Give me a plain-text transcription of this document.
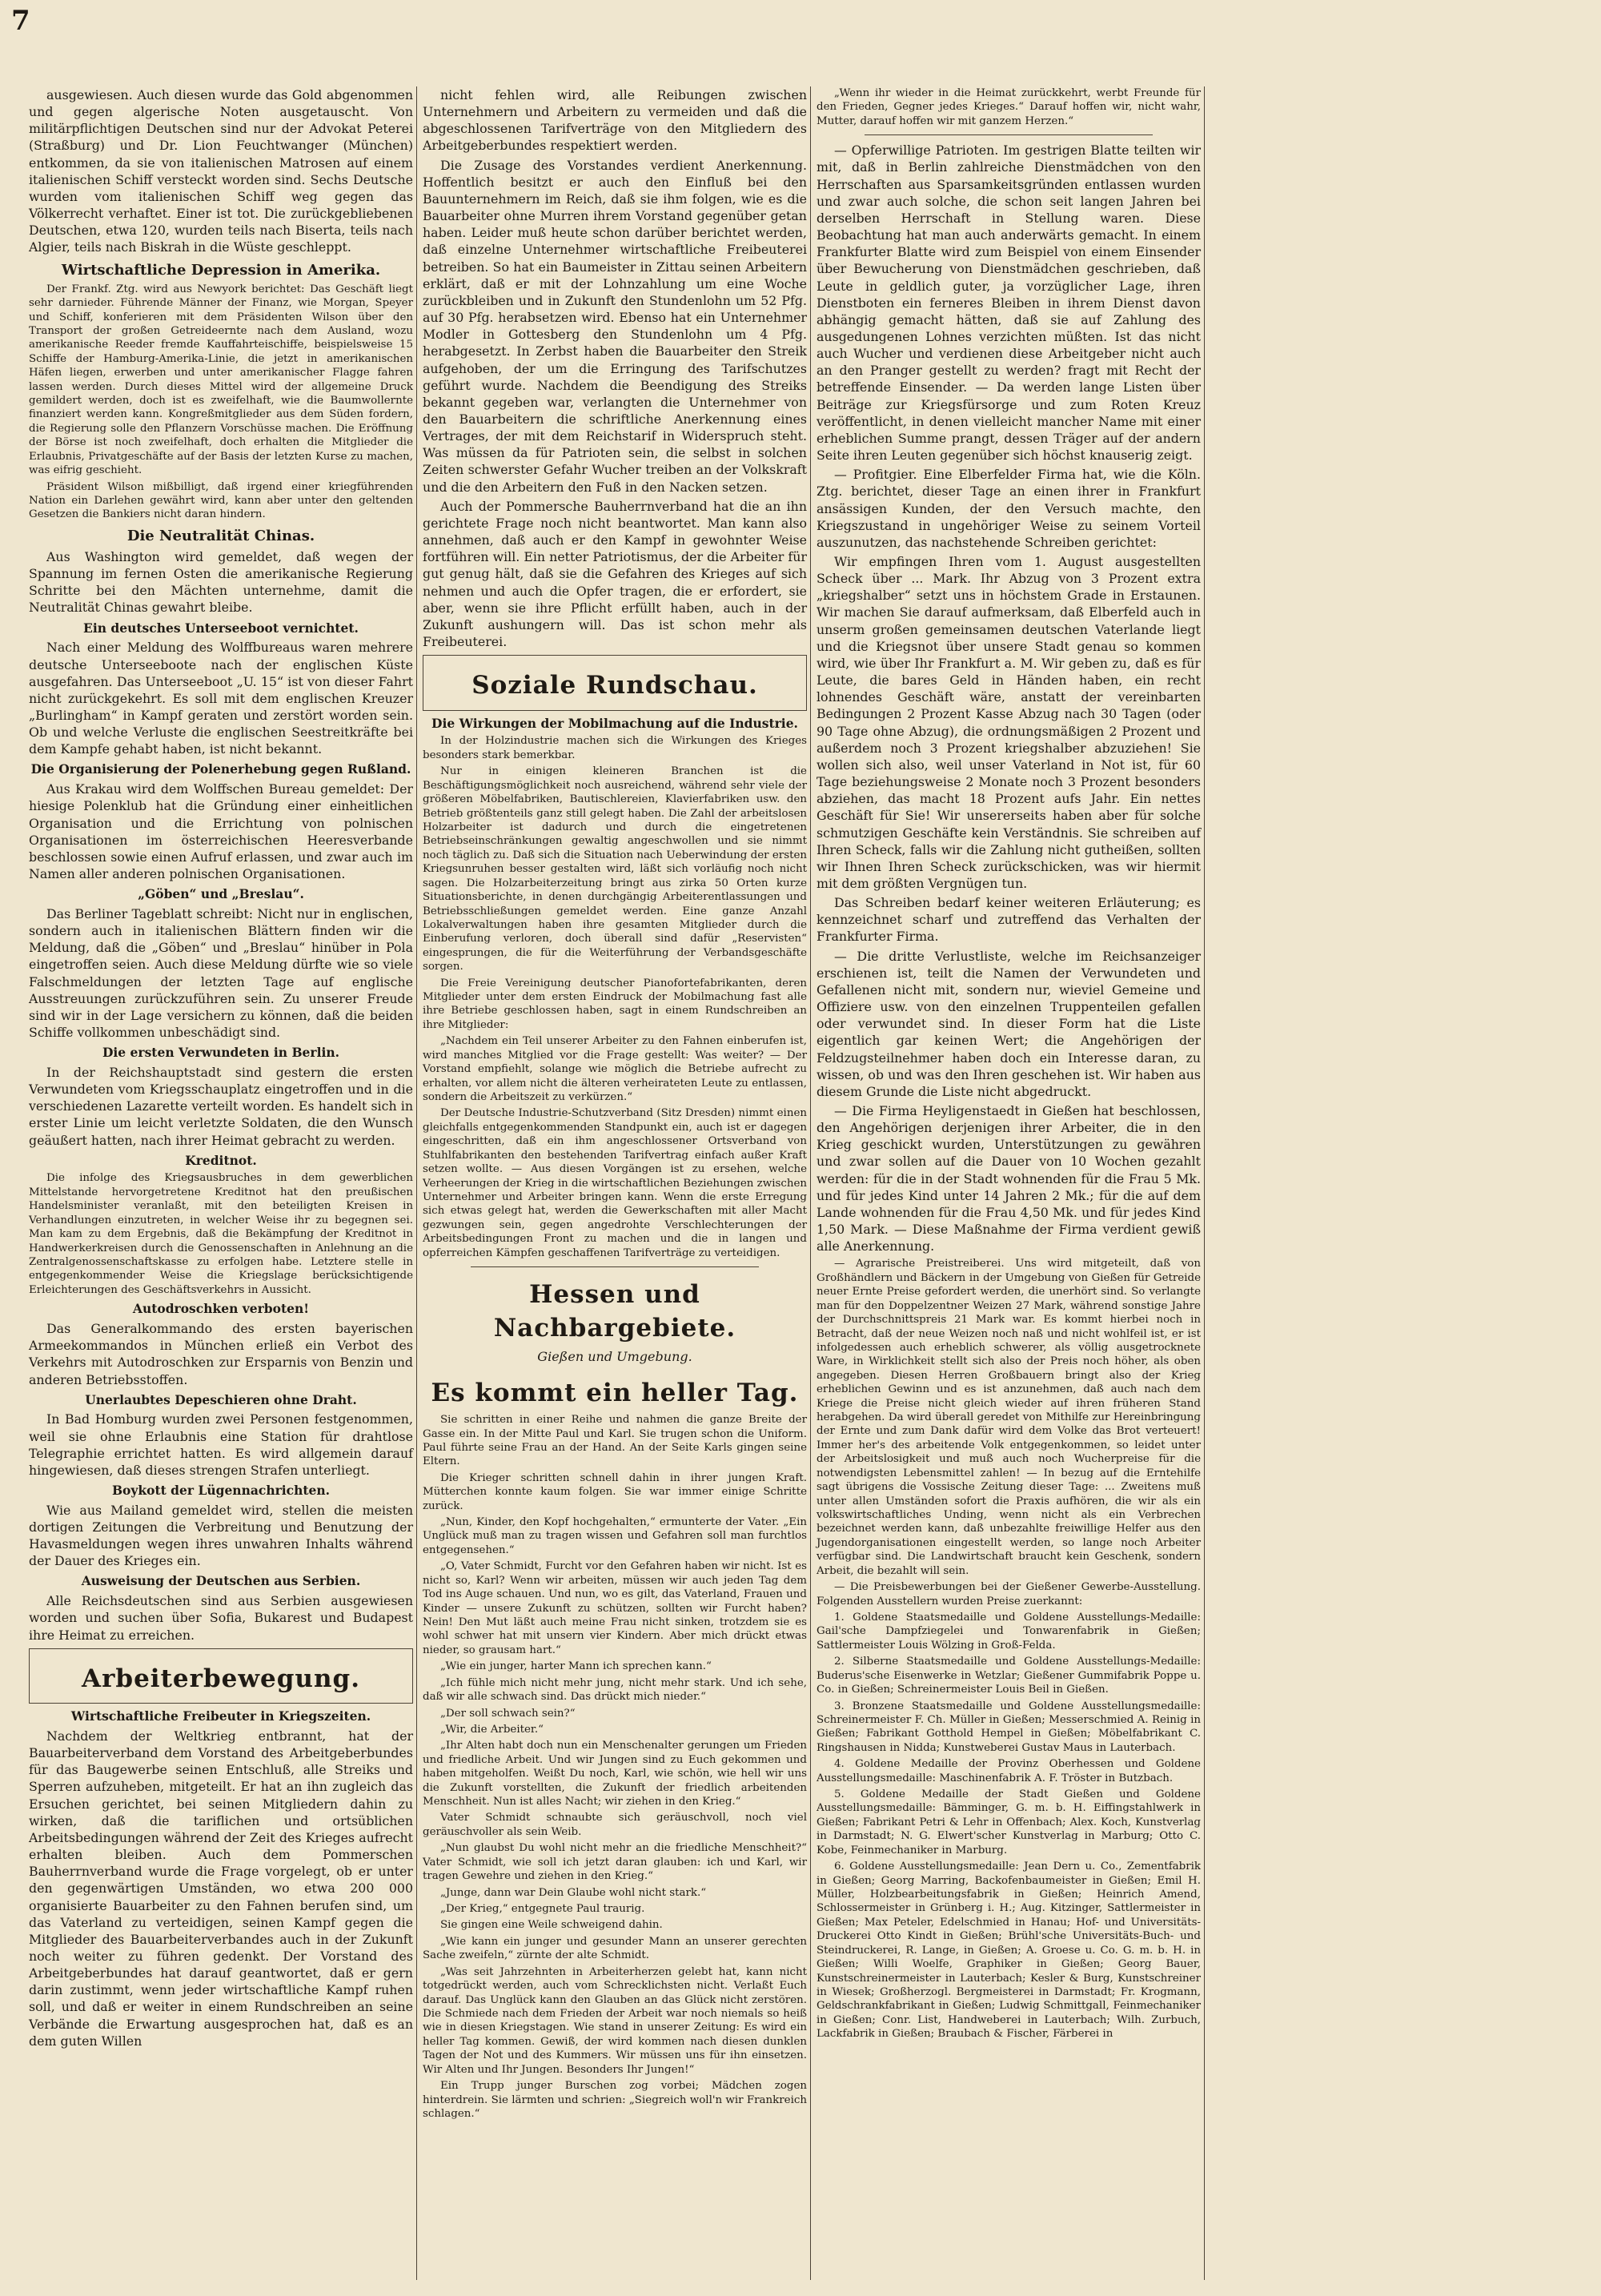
7

ausgewiesen. Auch diesen wurde das Gold abgenommen und gegen algerische Noten ausgetauscht. Von militärpflichtigen Deutschen sind nur der Advokat Peterei (Straßburg) und Dr. Lion Feuchtwanger (München) entkommen, da sie von italienischen Matrosen auf einem italienischen Schiff versteckt worden sind. Sechs Deutsche wurden vom italienischen Schiff weg gegen das Völkerrecht verhaftet. Einer ist tot. Die zurückgebliebenen Deutschen, etwa 120, wurden teils nach Biserta, teils nach Algier, teils nach Biskrah in die Wüste geschleppt.

Wirtschaftliche Depression in Amerika.

Der Frankf. Ztg. wird aus Newyork berichtet: Das Geschäft liegt sehr darnieder. Führende Männer der Finanz, wie Morgan, Speyer und Schiff, konferieren mit dem Präsidenten Wilson über den Transport der großen Getreideernte nach dem Ausland, wozu amerikanische Reeder fremde Kauffahrteischiffe, beispielsweise 15 Schiffe der Hamburg-Amerika-Linie, die jetzt in amerikanischen Häfen liegen, erwerben und unter amerikanischer Flagge fahren lassen werden. Durch dieses Mittel wird der allgemeine Druck gemildert werden, doch ist es zweifelhaft, wie die Baumwollernte finanziert werden kann. Kongreßmitglieder aus dem Süden fordern, die Regierung solle den Pflanzern Vorschüsse machen. Die Eröffnung der Börse ist noch zweifelhaft, doch erhalten die Mitglieder die Erlaubnis, Privatgeschäfte auf der Basis der letzten Kurse zu machen, was eifrig geschieht.

Präsident Wilson mißbilligt, daß irgend einer kriegführenden Nation ein Darlehen gewährt wird, kann aber unter den geltenden Gesetzen die Bankiers nicht daran hindern.

Die Neutralität Chinas.

Aus Washington wird gemeldet, daß wegen der Spannung im fernen Osten die amerikanische Regierung Schritte bei den Mächten unternehme, damit die Neutralität Chinas gewahrt bleibe.

Ein deutsches Unterseeboot vernichtet.

Nach einer Meldung des Wolffbureaus waren mehrere deutsche Unterseeboote nach der englischen Küste ausgefahren. Das Unterseeboot „U. 15“ ist von dieser Fahrt nicht zurückgekehrt. Es soll mit dem englischen Kreuzer „Burlingham“ in Kampf geraten und zerstört worden sein. Ob und welche Verluste die englischen Seestreitkräfte bei dem Kampfe gehabt haben, ist nicht bekannt.

Die Organisierung der Polenerhebung gegen Rußland.

Aus Krakau wird dem Wolffschen Bureau gemeldet: Der hiesige Polenklub hat die Gründung einer einheitlichen Organisation und die Errichtung von polnischen Organisationen im österreichischen Heeresverbande beschlossen sowie einen Aufruf erlassen, und zwar auch im Namen aller anderen polnischen Organisationen.

„Göben“ und „Breslau“.

Das Berliner Tageblatt schreibt: Nicht nur in englischen, sondern auch in italienischen Blättern finden wir die Meldung, daß die „Göben“ und „Breslau“ hinüber in Pola eingetroffen seien. Auch diese Meldung dürfte wie so viele Falschmeldungen der letzten Tage auf englische Ausstreuungen zurückzuführen sein. Zu unserer Freude sind wir in der Lage versichern zu können, daß die beiden Schiffe vollkommen unbeschädigt sind.

Die ersten Verwundeten in Berlin.

In der Reichshauptstadt sind gestern die ersten Verwundeten vom Kriegsschauplatz eingetroffen und in die verschiedenen Lazarette verteilt worden. Es handelt sich in erster Linie um leicht verletzte Soldaten, die den Wunsch geäußert hatten, nach ihrer Heimat gebracht zu werden.

Kreditnot.

Die infolge des Kriegsausbruches in dem gewerblichen Mittelstande hervorgetretene Kreditnot hat den preußischen Handelsminister veranlaßt, mit den beteiligten Kreisen in Verhandlungen einzutreten, in welcher Weise ihr zu begegnen sei. Man kam zu dem Ergebnis, daß die Bekämpfung der Kreditnot in Handwerkerkreisen durch die Genossenschaften in Anlehnung an die Zentralgenossenschaftskasse zu erfolgen habe. Letztere stelle in entgegenkommender Weise die Kriegslage berücksichtigende Erleichterungen des Geschäftsverkehrs in Aussicht.

Autodroschken verboten!

Das Generalkommando des ersten bayerischen Armeekommandos in München erließ ein Verbot des Verkehrs mit Autodroschken zur Ersparnis von Benzin und anderen Betriebsstoffen.

Unerlaubtes Depeschieren ohne Draht.

In Bad Homburg wurden zwei Personen festgenommen, weil sie ohne Erlaubnis eine Station für drahtlose Telegraphie errichtet hatten. Es wird allgemein darauf hingewiesen, daß dieses strengen Strafen unterliegt.

Boykott der Lügennachrichten.

Wie aus Mailand gemeldet wird, stellen die meisten dortigen Zeitungen die Verbreitung und Benutzung der Havasmeldungen wegen ihres unwahren Inhalts während der Dauer des Krieges ein.

Ausweisung der Deutschen aus Serbien.

Alle Reichsdeutschen sind aus Serbien ausgewiesen worden und suchen über Sofia, Bukarest und Budapest ihre Heimat zu erreichen.

Arbeiterbewegung.
Wirtschaftliche Freibeuter in Kriegszeiten.

Nachdem der Weltkrieg entbrannt, hat der Bauarbeiterverband dem Vorstand des Arbeitgeberbundes für das Baugewerbe seinen Entschluß, alle Streiks und Sperren aufzuheben, mitgeteilt. Er hat an ihn zugleich das Ersuchen gerichtet, bei seinen Mitgliedern dahin zu wirken, daß die tariflichen und ortsüblichen Arbeitsbedingungen während der Zeit des Krieges aufrecht erhalten bleiben. Auch dem Pommerschen Bauherrnverband wurde die Frage vorgelegt, ob er unter den gegenwärtigen Umständen, wo etwa 200 000 organisierte Bauarbeiter zu den Fahnen berufen sind, um das Vaterland zu verteidigen, seinen Kampf gegen die Mitglieder des Bauarbeiterverbandes auch in der Zukunft noch weiter zu führen gedenkt. Der Vorstand des Arbeitgeberbundes hat darauf geantwortet, daß er gern darin zustimmt, wenn jeder wirtschaftliche Kampf ruhen soll, und daß er weiter in einem Rundschreiben an seine Verbände die Erwartung ausgesprochen hat, daß es an dem guten Willen

nicht fehlen wird, alle Reibungen zwischen Unternehmern und Arbeitern zu vermeiden und daß die abgeschlossenen Tarifverträge von den Mitgliedern des Arbeitgeberbundes respektiert werden.

Die Zusage des Vorstandes verdient Anerkennung. Hoffentlich besitzt er auch den Einfluß bei den Bauunternehmern im Reich, daß sie ihm folgen, wie es die Bauarbeiter ohne Murren ihrem Vorstand gegenüber getan haben. Leider muß heute schon darüber berichtet werden, daß einzelne Unternehmer wirtschaftliche Freibeuterei betreiben. So hat ein Baumeister in Zittau seinen Arbeitern erklärt, daß er mit der Lohnzahlung um eine Woche zurückbleiben und in Zukunft den Stundenlohn um 52 Pfg. auf 30 Pfg. herabsetzen wird. Ebenso hat ein Unternehmer Modler in Gottesberg den Stundenlohn um 4 Pfg. herabgesetzt. In Zerbst haben die Bauarbeiter den Streik aufgehoben, der um die Erringung des Tarifschutzes geführt wurde. Nachdem die Beendigung des Streiks bekannt gegeben war, verlangten die Unternehmer von den Bauarbeitern die schriftliche Anerkennung eines Vertrages, der mit dem Reichstarif in Widerspruch steht. Was müssen da für Patrioten sein, die selbst in solchen Zeiten schwerster Gefahr Wucher treiben an der Volkskraft und die den Arbeitern den Fuß in den Nacken setzen.

Auch der Pommersche Bauherrnverband hat die an ihn gerichtete Frage noch nicht beantwortet. Man kann also annehmen, daß auch er den Kampf in gewohnter Weise fortführen will. Ein netter Patriotismus, der die Arbeiter für gut genug hält, daß sie die Gefahren des Krieges auf sich nehmen und auch die Opfer tragen, die er erfordert, sie aber, wenn sie ihre Pflicht erfüllt haben, auch in der Zukunft aushungern will. Das ist schon mehr als Freibeuterei.

Soziale Rundschau.
Die Wirkungen der Mobilmachung auf die Industrie.

In der Holzindustrie machen sich die Wirkungen des Krieges besonders stark bemerkbar.

Nur in einigen kleineren Branchen ist die Beschäftigungsmöglichkeit noch ausreichend, während sehr viele der größeren Möbelfabriken, Bautischlereien, Klavierfabriken usw. den Betrieb größtenteils ganz still gelegt haben. Die Zahl der arbeitslosen Holzarbeiter ist dadurch und durch die eingetretenen Betriebseinschränkungen gewaltig angeschwollen und sie nimmt noch täglich zu. Daß sich die Situation nach Ueberwindung der ersten Kriegsunruhen besser gestalten wird, läßt sich vorläufig noch nicht sagen. Die Holzarbeiterzeitung bringt aus zirka 50 Orten kurze Situationsberichte, in denen durchgängig Arbeiterentlassungen und Betriebsschließungen gemeldet werden. Eine ganze Anzahl Lokalverwaltungen haben ihre gesamten Mitglieder durch die Einberufung verloren, doch überall sind dafür „Reservisten“ eingesprungen, die für die Weiterführung der Verbandsgeschäfte sorgen.

Die Freie Vereinigung deutscher Pianofortefabrikanten, deren Mitglieder unter dem ersten Eindruck der Mobilmachung fast alle ihre Betriebe geschlossen haben, sagt in einem Rundschreiben an ihre Mitglieder:

„Nachdem ein Teil unserer Arbeiter zu den Fahnen einberufen ist, wird manches Mitglied vor die Frage gestellt: Was weiter? — Der Vorstand empfiehlt, solange wie möglich die Betriebe aufrecht zu erhalten, vor allem nicht die älteren verheirateten Leute zu entlassen, sondern die Arbeitszeit zu verkürzen.“

Der Deutsche Industrie-Schutzverband (Sitz Dresden) nimmt einen gleichfalls entgegenkommenden Standpunkt ein, auch ist er dagegen eingeschritten, daß ein ihm angeschlossener Ortsverband von Stuhlfabrikanten den bestehenden Tarifvertrag einfach außer Kraft setzen wollte. — Aus diesen Vorgängen ist zu ersehen, welche Verheerungen der Krieg in die wirtschaftlichen Beziehungen zwischen Unternehmer und Arbeiter bringen kann. Wenn die erste Erregung sich etwas gelegt hat, werden die Gewerkschaften mit aller Macht gezwungen sein, gegen angedrohte Verschlechterungen der Arbeitsbedingungen Front zu machen und die in langen und opferreichen Kämpfen geschaffenen Tarifverträge zu verteidigen.

Hessen und Nachbargebiete.
Gießen und Umgebung.
Es kommt ein heller Tag.

Sie schritten in einer Reihe und nahmen die ganze Breite der Gasse ein. In der Mitte Paul und Karl. Sie trugen schon die Uniform. Paul führte seine Frau an der Hand. An der Seite Karls gingen seine Eltern.

Die Krieger schritten schnell dahin in ihrer jungen Kraft. Mütterchen konnte kaum folgen. Sie war immer einige Schritte zurück.

„Nun, Kinder, den Kopf hochgehalten,“ ermunterte der Vater. „Ein Unglück muß man zu tragen wissen und Gefahren soll man furchtlos entgegensehen.“

„O, Vater Schmidt, Furcht vor den Gefahren haben wir nicht. Ist es nicht so, Karl? Wenn wir arbeiten, müssen wir auch jeden Tag dem Tod ins Auge schauen. Und nun, wo es gilt, das Vaterland, Frauen und Kinder — unsere Zukunft zu schützen, sollten wir Furcht haben? Nein! Den Mut läßt auch meine Frau nicht sinken, trotzdem sie es wohl schwer hat mit unsern vier Kindern. Aber mich drückt etwas nieder, so grausam hart.“

„Wie ein junger, harter Mann ich sprechen kann.“

„Ich fühle mich nicht mehr jung, nicht mehr stark. Und ich sehe, daß wir alle schwach sind. Das drückt mich nieder.“

„Der soll schwach sein?“

„Wir, die Arbeiter.“

„Ihr Alten habt doch nun ein Menschenalter gerungen um Frieden und friedliche Arbeit. Und wir Jungen sind zu Euch gekommen und haben mitgeholfen. Weißt Du noch, Karl, wie schön, wie hell wir uns die Zukunft vorstellten, die Zukunft der friedlich arbeitenden Menschheit. Nun ist alles Nacht; wir ziehen in den Krieg.“

Vater Schmidt schnaubte sich geräuschvoll, noch viel geräuschvoller als sein Weib.

„Nun glaubst Du wohl nicht mehr an die friedliche Menschheit?“ Vater Schmidt, wie soll ich jetzt daran glauben: ich und Karl, wir tragen Gewehre und ziehen in den Krieg.“

„Junge, dann war Dein Glaube wohl nicht stark.“

„Der Krieg,“ entgegnete Paul traurig.

Sie gingen eine Weile schweigend dahin.

„Wie kann ein junger und gesunder Mann an unserer gerechten Sache zweifeln,“ zürnte der alte Schmidt.

„Was seit Jahrzehnten in Arbeiterherzen gelebt hat, kann nicht totgedrückt werden, auch vom Schrecklichsten nicht. Verlaßt Euch darauf. Das Unglück kann den Glauben an das Glück nicht zerstören. Die Schmiede nach dem Frieden der Arbeit war noch niemals so heiß wie in diesen Kriegstagen. Wie stand in unserer Zeitung: Es wird ein heller Tag kommen. Gewiß, der wird kommen nach diesen dunklen Tagen der Not und des Kummers. Wir müssen uns für ihn einsetzen. Wir Alten und Ihr Jungen. Besonders Ihr Jungen!“

Ein Trupp junger Burschen zog vorbei; Mädchen zogen hinterdrein. Sie lärmten und schrien: „Siegreich woll'n wir Frankreich schlagen.“

„Wenn ihr wieder in die Heimat zurückkehrt, werbt Freunde für den Frieden, Gegner jedes Krieges.“ Darauf hoffen wir, nicht wahr, Mutter, darauf hoffen wir mit ganzem Herzen.“

— Opferwillige Patrioten. Im gestrigen Blatte teilten wir mit, daß in Berlin zahlreiche Dienstmädchen von den Herrschaften aus Sparsamkeitsgründen entlassen wurden und zwar auch solche, die schon seit langen Jahren bei derselben Herrschaft in Stellung waren. Diese Beobachtung hat man auch anderwärts gemacht. In einem Frankfurter Blatte wird zum Beispiel von einem Einsender über Bewucherung von Dienstmädchen geschrieben, daß Leute in geldlich guter, ja vorzüglicher Lage, ihren Dienstboten ein ferneres Bleiben in ihrem Dienst davon abhängig gemacht hätten, daß sie auf Zahlung des ausgedungenen Lohnes verzichten müßten. Ist das nicht auch Wucher und verdienen diese Arbeitgeber nicht auch an den Pranger gestellt zu werden? fragt mit Recht der betreffende Einsender. — Da werden lange Listen über Beiträge zur Kriegsfürsorge und zum Roten Kreuz veröffentlicht, in denen vielleicht mancher Name mit einer erheblichen Summe prangt, dessen Träger auf der andern Seite ihren Leuten gegenüber sich höchst knauserig zeigt.

— Profitgier. Eine Elberfelder Firma hat, wie die Köln. Ztg. berichtet, dieser Tage an einen ihrer in Frankfurt ansässigen Kunden, der den Versuch machte, den Kriegszustand in ungehöriger Weise zu seinem Vorteil auszunutzen, das nachstehende Schreiben gerichtet:

Wir empfingen Ihren vom 1. August ausgestellten Scheck über ... Mark. Ihr Abzug von 3 Prozent extra „kriegshalber“ setzt uns in höchstem Grade in Erstaunen. Wir machen Sie darauf aufmerksam, daß Elberfeld auch in unserm großen gemeinsamen deutschen Vaterlande liegt und die Kriegsnot über unsere Stadt genau so kommen wird, wie über Ihr Frankfurt a. M. Wir geben zu, daß es für Leute, die bares Geld in Händen haben, ein recht lohnendes Geschäft wäre, anstatt der vereinbarten Bedingungen 2 Prozent Kasse Abzug nach 30 Tagen (oder 90 Tage ohne Abzug), die ordnungsmäßigen 2 Prozent und außerdem noch 3 Prozent kriegshalber abzuziehen! Sie wollen sich also, weil unser Vaterland in Not ist, für 60 Tage beziehungsweise 2 Monate noch 3 Prozent besonders abziehen, das macht 18 Prozent aufs Jahr. Ein nettes Geschäft für Sie! Wir unsererseits haben aber für solche schmutzigen Geschäfte kein Verständnis. Sie schreiben auf Ihren Scheck, falls wir die Zahlung nicht gutheißen, sollten wir Ihnen Ihren Scheck zurückschicken, was wir hiermit mit dem größten Vergnügen tun.

Das Schreiben bedarf keiner weiteren Erläuterung; es kennzeichnet scharf und zutreffend das Verhalten der Frankfurter Firma.

— Die dritte Verlustliste, welche im Reichsanzeiger erschienen ist, teilt die Namen der Verwundeten und Gefallenen nicht mit, sondern nur, wieviel Gemeine und Offiziere usw. von den einzelnen Truppenteilen gefallen oder verwundet sind. In dieser Form hat die Liste eigentlich gar keinen Wert; die Angehörigen der Feldzugsteilnehmer haben doch ein Interesse daran, zu wissen, ob und was den Ihren geschehen ist. Wir haben aus diesem Grunde die Liste nicht abgedruckt.

— Die Firma Heyligenstaedt in Gießen hat beschlossen, den Angehörigen derjenigen ihrer Arbeiter, die in den Krieg geschickt wurden, Unterstützungen zu gewähren und zwar sollen auf die Dauer von 10 Wochen gezahlt werden: für die in der Stadt wohnenden für die Frau 5 Mk. und für jedes Kind unter 14 Jahren 2 Mk.; für die auf dem Lande wohnenden für die Frau 4,50 Mk. und für jedes Kind 1,50 Mark. — Diese Maßnahme der Firma verdient gewiß alle Anerkennung.

— Agrarische Preistreiberei. Uns wird mitgeteilt, daß von Großhändlern und Bäckern in der Umgebung von Gießen für Getreide neuer Ernte Preise gefordert werden, die unerhört sind. So verlangte man für den Doppelzentner Weizen 27 Mark, während sonstige Jahre der Durchschnittspreis 21 Mark war. Es kommt hierbei noch in Betracht, daß der neue Weizen noch naß und nicht wohlfeil ist, er ist infolgedessen auch erheblich schwerer, als völlig ausgetrocknete Ware, in Wirklichkeit stellt sich also der Preis noch höher, als oben angegeben. Diesen Herren Großbauern bringt also der Krieg erheblichen Gewinn und es ist anzunehmen, daß auch nach dem Kriege die Preise nicht gleich wieder auf ihren früheren Stand herabgehen. Da wird überall geredet von Mithilfe zur Hereinbringung der Ernte und zum Dank dafür wird dem Volke das Brot verteuert! Immer her's des arbeitende Volk entgegenkommen, so leidet unter der Arbeitslosigkeit und muß auch noch Wucherpreise für die notwendigsten Lebensmittel zahlen! — In bezug auf die Erntehilfe sagt übrigens die Vossische Zeitung dieser Tage: ... Zweitens muß unter allen Umständen sofort die Praxis aufhören, die wir als ein volkswirtschaftliches Unding, wenn nicht als ein Verbrechen bezeichnet werden kann, daß unbezahlte freiwillige Helfer aus den Jugendorganisationen eingestellt werden, so lange noch Arbeiter verfügbar sind. Die Landwirtschaft braucht kein Geschenk, sondern Arbeit, die bezahlt will sein.

— Die Preisbewerbungen bei der Gießener Gewerbe-Ausstellung. Folgenden Ausstellern wurden Preise zuerkannt:

1. Goldene Staatsmedaille und Goldene Ausstellungs-Medaille: Gail'sche Dampfziegelei und Tonwarenfabrik in Gießen; Sattlermeister Louis Wölzing in Groß-Felda.

2. Silberne Staatsmedaille und Goldene Ausstellungs-Medaille: Buderus'sche Eisenwerke in Wetzlar; Gießener Gummifabrik Poppe u. Co. in Gießen; Schreinermeister Louis Beil in Gießen.

3. Bronzene Staatsmedaille und Goldene Ausstellungsmedaille: Schreinermeister F. Ch. Müller in Gießen; Messerschmied A. Reinig in Gießen; Fabrikant Gotthold Hempel in Gießen; Möbelfabrikant C. Ringshausen in Nidda; Kunstweberei Gustav Maus in Lauterbach.

4. Goldene Medaille der Provinz Oberhessen und Goldene Ausstellungsmedaille: Maschinenfabrik A. F. Tröster in Butzbach.

5. Goldene Medaille der Stadt Gießen und Goldene Ausstellungsmedaille: Bämminger, G. m. b. H. Eiffingstahlwerk in Gießen; Fabrikant Petri & Lehr in Offenbach; Alex. Koch, Kunstverlag in Darmstadt; N. G. Elwert'scher Kunstverlag in Marburg; Otto C. Kobe, Feinmechaniker in Marburg.

6. Goldene Ausstellungsmedaille: Jean Dern u. Co., Zementfabrik in Gießen; Georg Marring, Backofenbaumeister in Gießen; Emil H. Müller, Holzbearbeitungsfabrik in Gießen; Heinrich Amend, Schlossermeister in Grünberg i. H.; Aug. Kitzinger, Sattlermeister in Gießen; Max Peteler, Edelschmied in Hanau; Hof- und Universitäts-Druckerei Otto Kindt in Gießen; Brühl'sche Universitäts-Buch- und Steindruckerei, R. Lange, in Gießen; A. Groese u. Co. G. m. b. H. in Gießen; Willi Woelfe, Graphiker in Gießen; Georg Bauer, Kunstschreinermeister in Lauterbach; Kesler & Burg, Kunstschreiner in Wiesek; Großherzogl. Bergmeisterei in Darmstadt; Fr. Krogmann, Geldschrankfabrikant in Gießen; Ludwig Schmittgall, Feinmechaniker in Gießen; Conr. List, Handweberei in Lauterbach; Wilh. Zurbuch, Lackfabrik in Gießen; Braubach & Fischer, Färberei in
